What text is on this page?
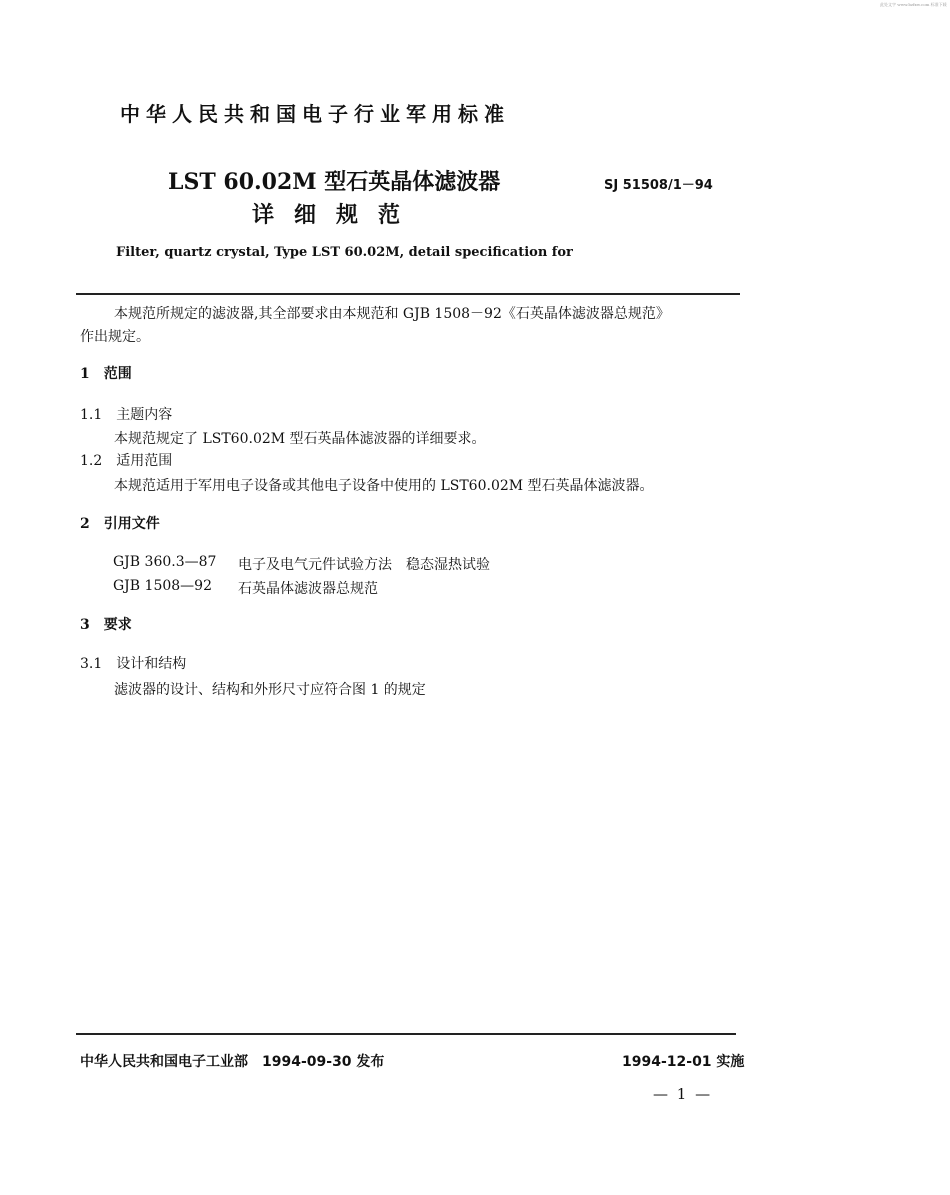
此处文字 www.bzfxw.com 标准下载
中华人民共和国电子行业军用标准
LST 60.02M 型石英晶体滤波器	SJ 51508/1－94
详细规范
Filter, quartz crystal, Type LST 60.02M, detail specification for
本规范所规定的滤波器,其全部要求由本规范和 GJB 1508－92《石英晶体滤波器总规范》
作出规定。
1　范围
1.1　主题内容
本规范规定了 LST60.02M 型石英晶体滤波器的详细要求。
1.2　适用范围
本规范适用于军用电子设备或其他电子设备中使用的 LST60.02M 型石英晶体滤波器。
2　引用文件
GJB 360.3—87 电子及电气元件试验方法　稳态湿热试验
GJB 1508—92 石英晶体滤波器总规范
3　要求
3.1　设计和结构
滤波器的设计、结构和外形尺寸应符合图 1 的规定
中华人民共和国电子工业部　1994-09-30 发布	1994-12-01 实施
— 1 —
